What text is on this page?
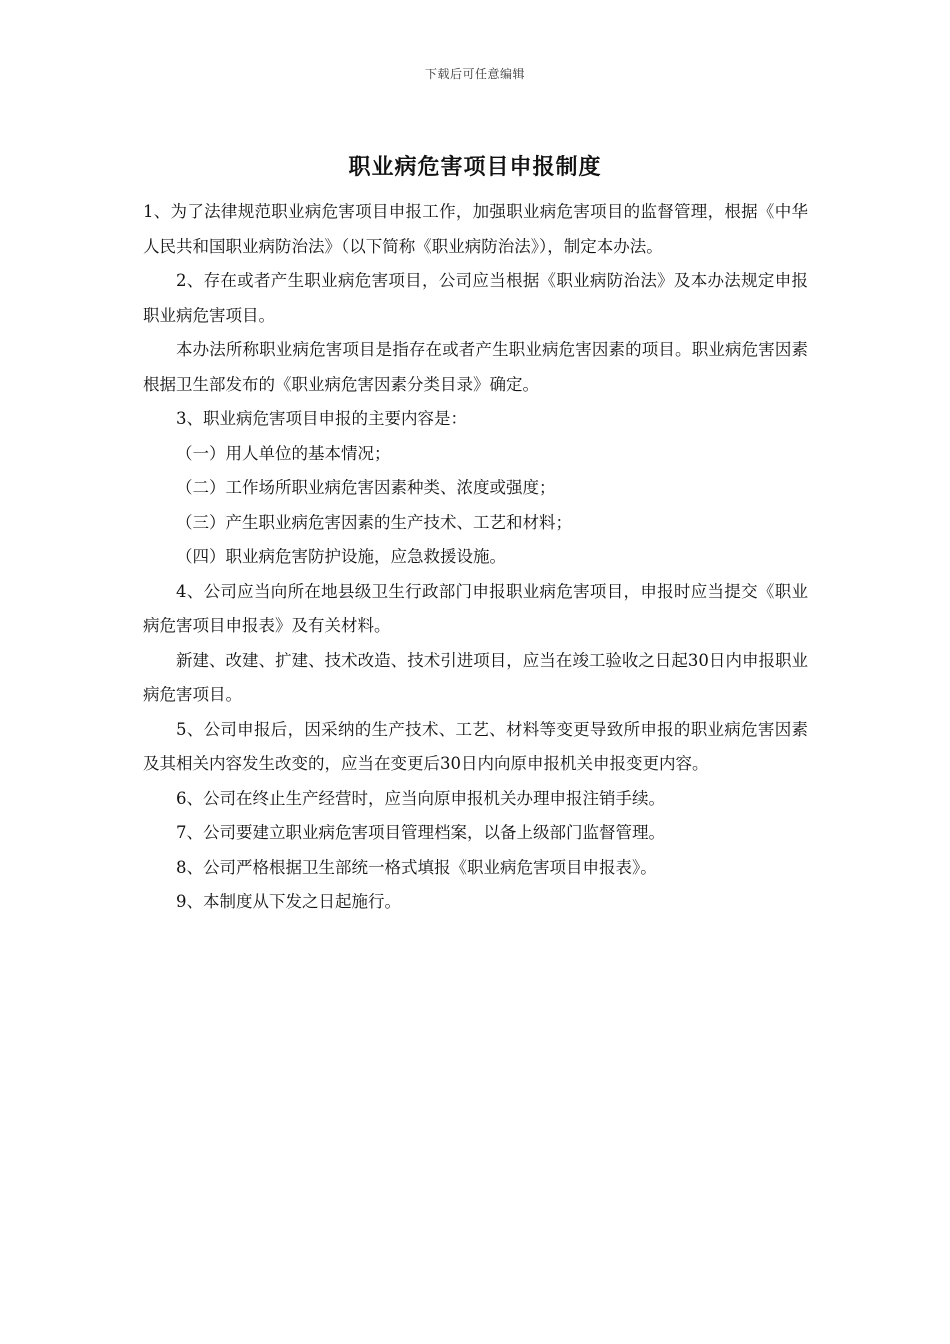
下载后可任意编辑
职业病危害项目申报制度

1、为了法律规范职业病危害项目申报工作，加强职业病危害项目的监督管理，根据《中华人民共和国职业病防治法》（以下简称《职业病防治法》），制定本办法。

2、存在或者产生职业病危害项目，公司应当根据《职业病防治法》及本办法规定申报职业病危害项目。

本办法所称职业病危害项目是指存在或者产生职业病危害因素的项目。职业病危害因素根据卫生部发布的《职业病危害因素分类目录》确定。

3、职业病危害项目申报的主要内容是：

（一）用人单位的基本情况；

（二）工作场所职业病危害因素种类、浓度或强度；

（三）产生职业病危害因素的生产技术、工艺和材料；

（四）职业病危害防护设施，应急救援设施。

4、公司应当向所在地县级卫生行政部门申报职业病危害项目，申报时应当提交《职业病危害项目申报表》及有关材料。

新建、改建、扩建、技术改造、技术引进项目，应当在竣工验收之日起30日内申报职业病危害项目。

5、公司申报后，因采纳的生产技术、工艺、材料等变更导致所申报的职业病危害因素及其相关内容发生改变的，应当在变更后30日内向原申报机关申报变更内容。

6、公司在终止生产经营时，应当向原申报机关办理申报注销手续。

7、公司要建立职业病危害项目管理档案，以备上级部门监督管理。

8、公司严格根据卫生部统一格式填报《职业病危害项目申报表》。

9、本制度从下发之日起施行。
